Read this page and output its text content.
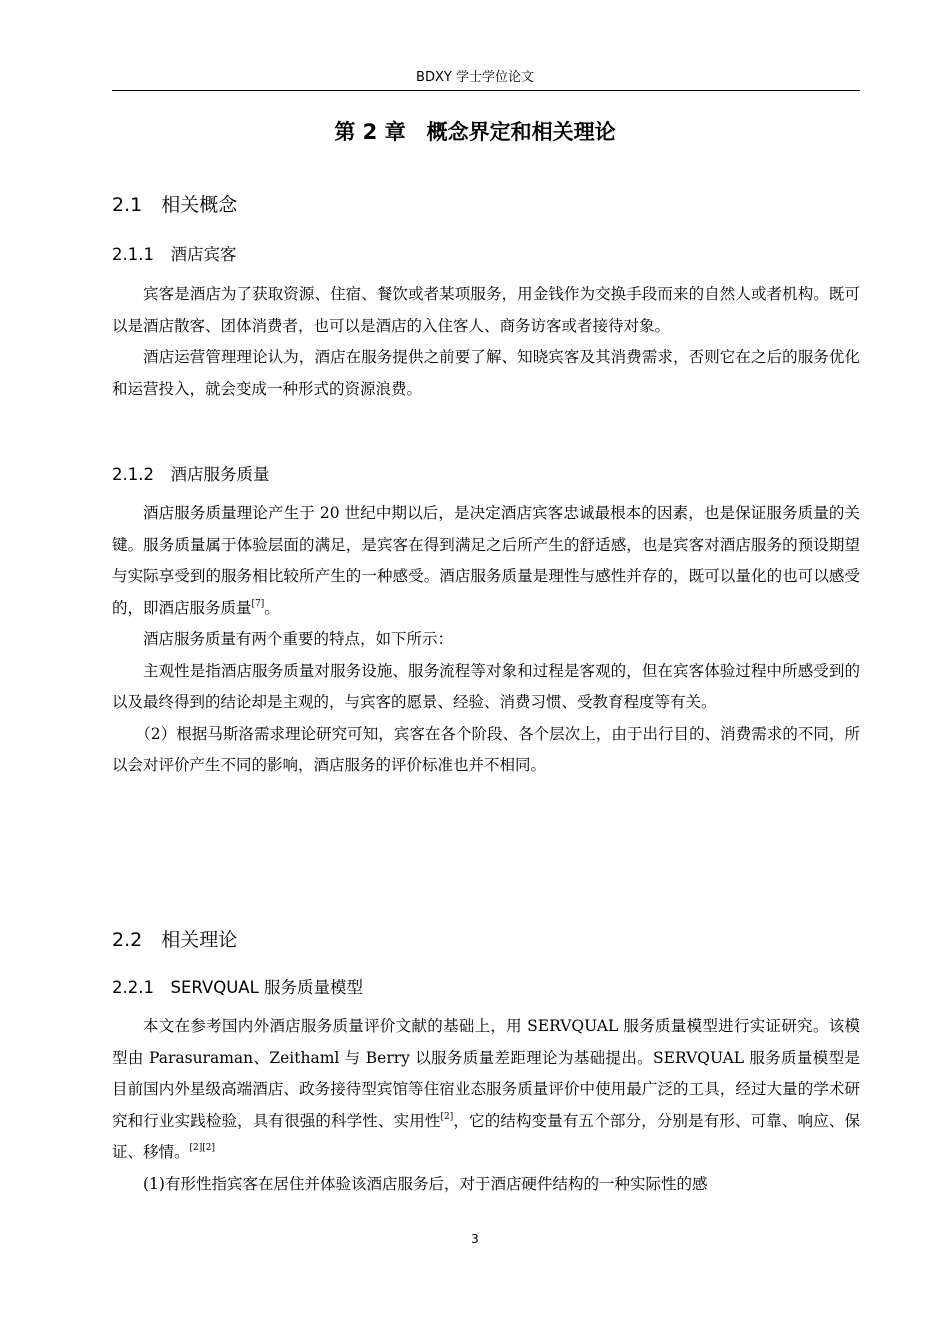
BDXY 学士学位论文
第 2 章　概念界定和相关理论
2.1　相关概念
2.1.1　酒店宾客

宾客是酒店为了获取资源、住宿、餐饮或者某项服务，用金钱作为交换手段而来的自然人或者机构。既可以是酒店散客、团体消费者，也可以是酒店的入住客人、商务访客或者接待对象。

酒店运营管理理论认为，酒店在服务提供之前要了解、知晓宾客及其消费需求，否则它在之后的服务优化和运营投入，就会变成一种形式的资源浪费。

2.1.2　酒店服务质量

酒店服务质量理论产生于 20 世纪中期以后，是决定酒店宾客忠诚最根本的因素，也是保证服务质量的关键。服务质量属于体验层面的满足，是宾客在得到满足之后所产生的舒适感，也是宾客对酒店服务的预设期望与实际享受到的服务相比较所产生的一种感受。酒店服务质量是理性与感性并存的，既可以量化的也可以感受的，即酒店服务质量[7]。

酒店服务质量有两个重要的特点，如下所示：

主观性是指酒店服务质量对服务设施、服务流程等对象和过程是客观的，但在宾客体验过程中所感受到的以及最终得到的结论却是主观的，与宾客的愿景、经验、消费习惯、受教育程度等有关。

（2）根据马斯洛需求理论研究可知，宾客在各个阶段、各个层次上，由于出行目的、消费需求的不同，所以会对评价产生不同的影响，酒店服务的评价标准也并不相同。

2.2　相关理论
2.2.1　SERVQUAL 服务质量模型

本文在参考国内外酒店服务质量评价文献的基础上，用 SERVQUAL 服务质量模型进行实证研究。该模型由 Parasuraman、Zeithaml 与 Berry 以服务质量差距理论为基础提出。SERVQUAL 服务质量模型是目前国内外星级高端酒店、政务接待型宾馆等住宿业态服务质量评价中使用最广泛的工具，经过大量的学术研究和行业实践检验，具有很强的科学性、实用性[2]，它的结构变量有五个部分，分别是有形、可靠、响应、保证、移情。[2][2]

(1)有形性指宾客在居住并体验该酒店服务后，对于酒店硬件结构的一种实际性的感

3
